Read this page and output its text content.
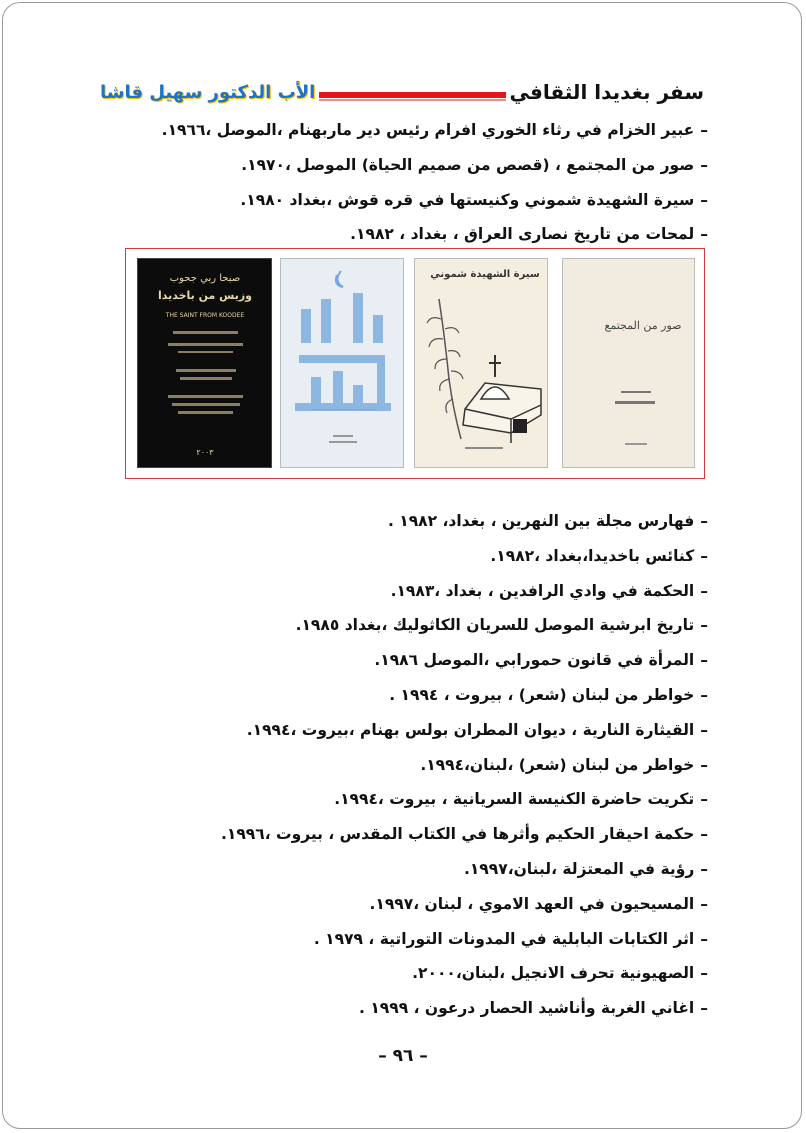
الأب الدكتور سهيل قاشا	سفر بغديدا الثقافي
–عبير الخزام في رثاء الخوري افرام رئيس دير ماربهنام ،الموصل ،١٩٦٦.
–صور من المجتمع ، (قصص من صميم الحياة) الموصل ،١٩٧٠.
–سيرة الشهيدة شموني وكنيستها في قره قوش ،بغداد ١٩٨٠.
–لمحات من تاريخ نصارى العراق ، بغداد ، ١٩٨٢.
صبحا ربي جحوب
وزيس من باخديدا
THE SAINT FROM KOODEE
٢٠٠٣
كنائس باخديدا
سيرة الشهيدة شموني
صور من المجتمع
–فهارس مجلة بين النهرين ، بغداد، ١٩٨٢ .
–كنائس باخديدا،بغداد ،١٩٨٢.
–الحكمة في وادي الرافدين ، بغداد ،١٩٨٣.
–تاريخ ابرشية الموصل للسريان الكاثوليك ،بغداد ١٩٨٥.
–المرأة في قانون حمورابي ،الموصل ١٩٨٦.
–خواطر من لبنان (شعر) ، بيروت ، ١٩٩٤ .
–القيثارة النارية ، ديوان المطران بولس بهنام ،بيروت ،١٩٩٤.
–خواطر من لبنان (شعر) ،لبنان،١٩٩٤.
–تكريت حاضرة الكنيسة السريانية ، بيروت ،١٩٩٤.
–حكمة احيقار الحكيم وأثرها في الكتاب المقدس ، بيروت ،١٩٩٦.
–رؤية في المعتزلة ،لبنان،١٩٩٧.
–المسيحيون في العهد الاموي ، لبنان ،١٩٩٧.
–اثر الكتابات البابلية في المدونات التوراتية ، ١٩٧٩ .
–الصهيونية تحرف الانجيل ،لبنان،٢٠٠٠.
–اغاني الغربة وأناشيد الحصار درعون ، ١٩٩٩ .
– ٩٦ –
